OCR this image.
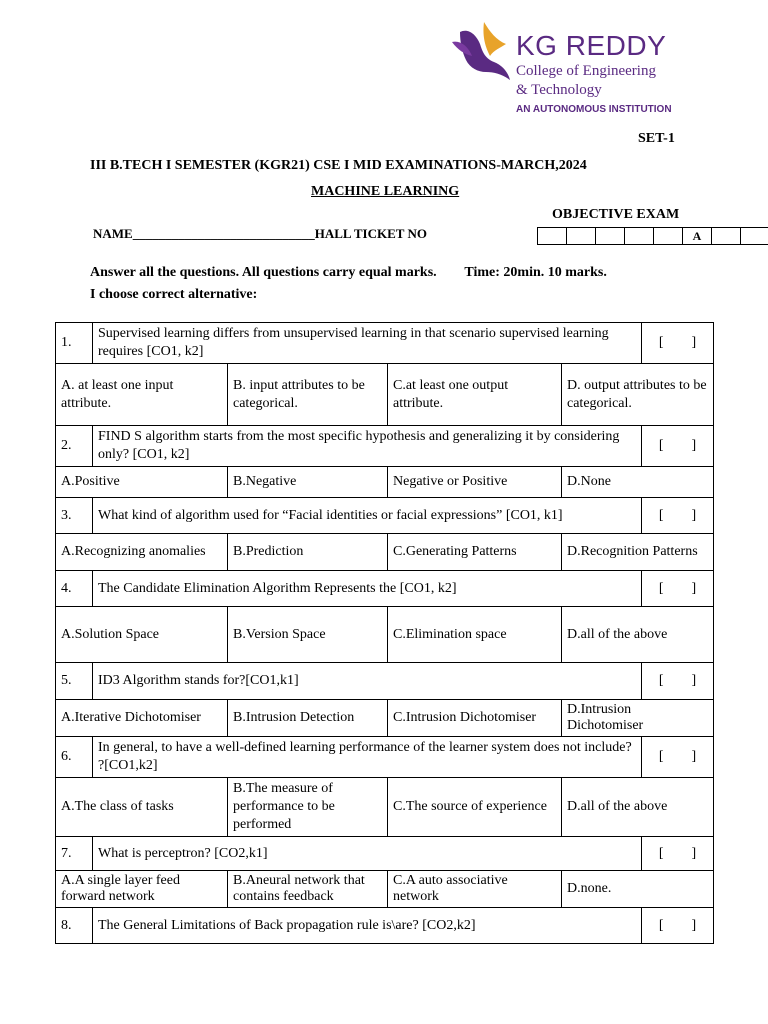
KG REDDY
College of Engineering
& Technology
AN AUTONOMOUS INSTITUTION
SET-1
III B.TECH I SEMESTER (KGR21) CSE I MID EXAMINATIONS-MARCH,2024
MACHINE LEARNING
OBJECTIVE EXAM
NAME____________________________HALL TICKET NO	A
Answer all the questions. All questions carry equal marks.        Time: 20min. 10 marks.
I choose correct alternative:
1.	Supervised learning differs from unsupervised learning in that scenario supervised learning requires [CO1, k2]				[        ]
A. at least one input attribute.		B. input attributes to be categorical.	C.at least one output attribute.	D. output attributes to be categorical.	
2.	FIND S algorithm starts from the most specific hypothesis and generalizing it by considering only? [CO1, k2]				[        ]
A.Positive		B.Negative	Negative or Positive	D.None	
3.	What kind of algorithm used for “Facial identities or facial expressions” [CO1, k1]				[        ]
A.Recognizing anomalies		B.Prediction	C.Generating Patterns	D.Recognition Patterns	
4.	The Candidate Elimination Algorithm Represents the [CO1, k2]				[        ]
A.Solution Space		B.Version Space	C.Elimination space	D.all of the above	
5.	ID3 Algorithm stands for?[CO1,k1]				[        ]
A.Iterative Dichotomiser		B.Intrusion Detection	C.Intrusion Dichotomiser	D.Intrusion Dichotomiser	
6.	In general, to have a well-defined learning performance of the learner system does not include? ?[CO1,k2]				[        ]
A.The class of tasks		B.The measure of performance to be performed	C.The source of experience	D.all of the above	
7.	What is perceptron? [CO2,k1]				[        ]
A.A single layer feed forward network		B.Aneural network that contains feedback	C.A auto associative network	D.none.	
8.	The General Limitations of Back propagation rule is\are? [CO2,k2]				[        ]
